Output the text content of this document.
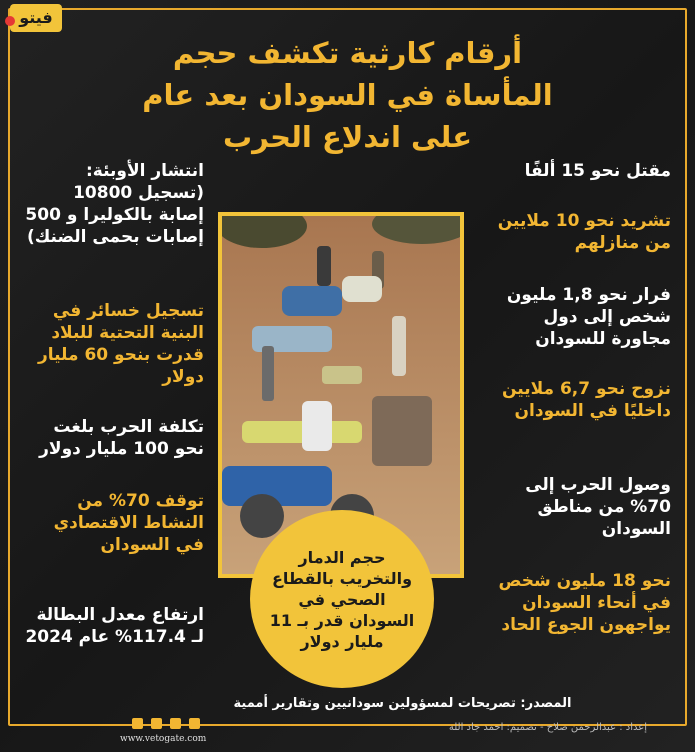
فيتو
أرقام كارثية تكشف حجم
المأساة في السودان بعد عام
على اندلاع الحرب
مقتل نحو 15 ألفًا
تشريد نحو 10 ملايين من منازلهم
فرار نحو 1,8 مليون شخص إلى دول مجاورة للسودان
نزوح نحو 6,7 ملايين داخليًا في السودان
وصول الحرب إلى 70% من مناطق السودان
نحو 18 مليون شخص في أنحاء السودان يواجهون الجوع الحاد
انتشار الأوبئة: (تسجيل 10800 إصابة بالكوليرا و 500 إصابات بحمى الضنك)
تسجيل خسائر في البنية التحتية للبلاد قدرت بنحو 60 مليار دولار
تكلفة الحرب بلغت نحو 100 مليار دولار
توقف 70% من النشاط الاقتصادي في السودان
ارتفاع معدل البطالة لـ 117.4% عام 2024
حجم الدمار والتخريب بالقطاع الصحي في السودان قدر بـ 11 مليار دولار
المصدر: تصريحات لمسؤولين سودانيين وتقارير أممية
إعداد : عبدالرحمن صلاح - تصميم: احمد جاد الله
www.vetogate.com
